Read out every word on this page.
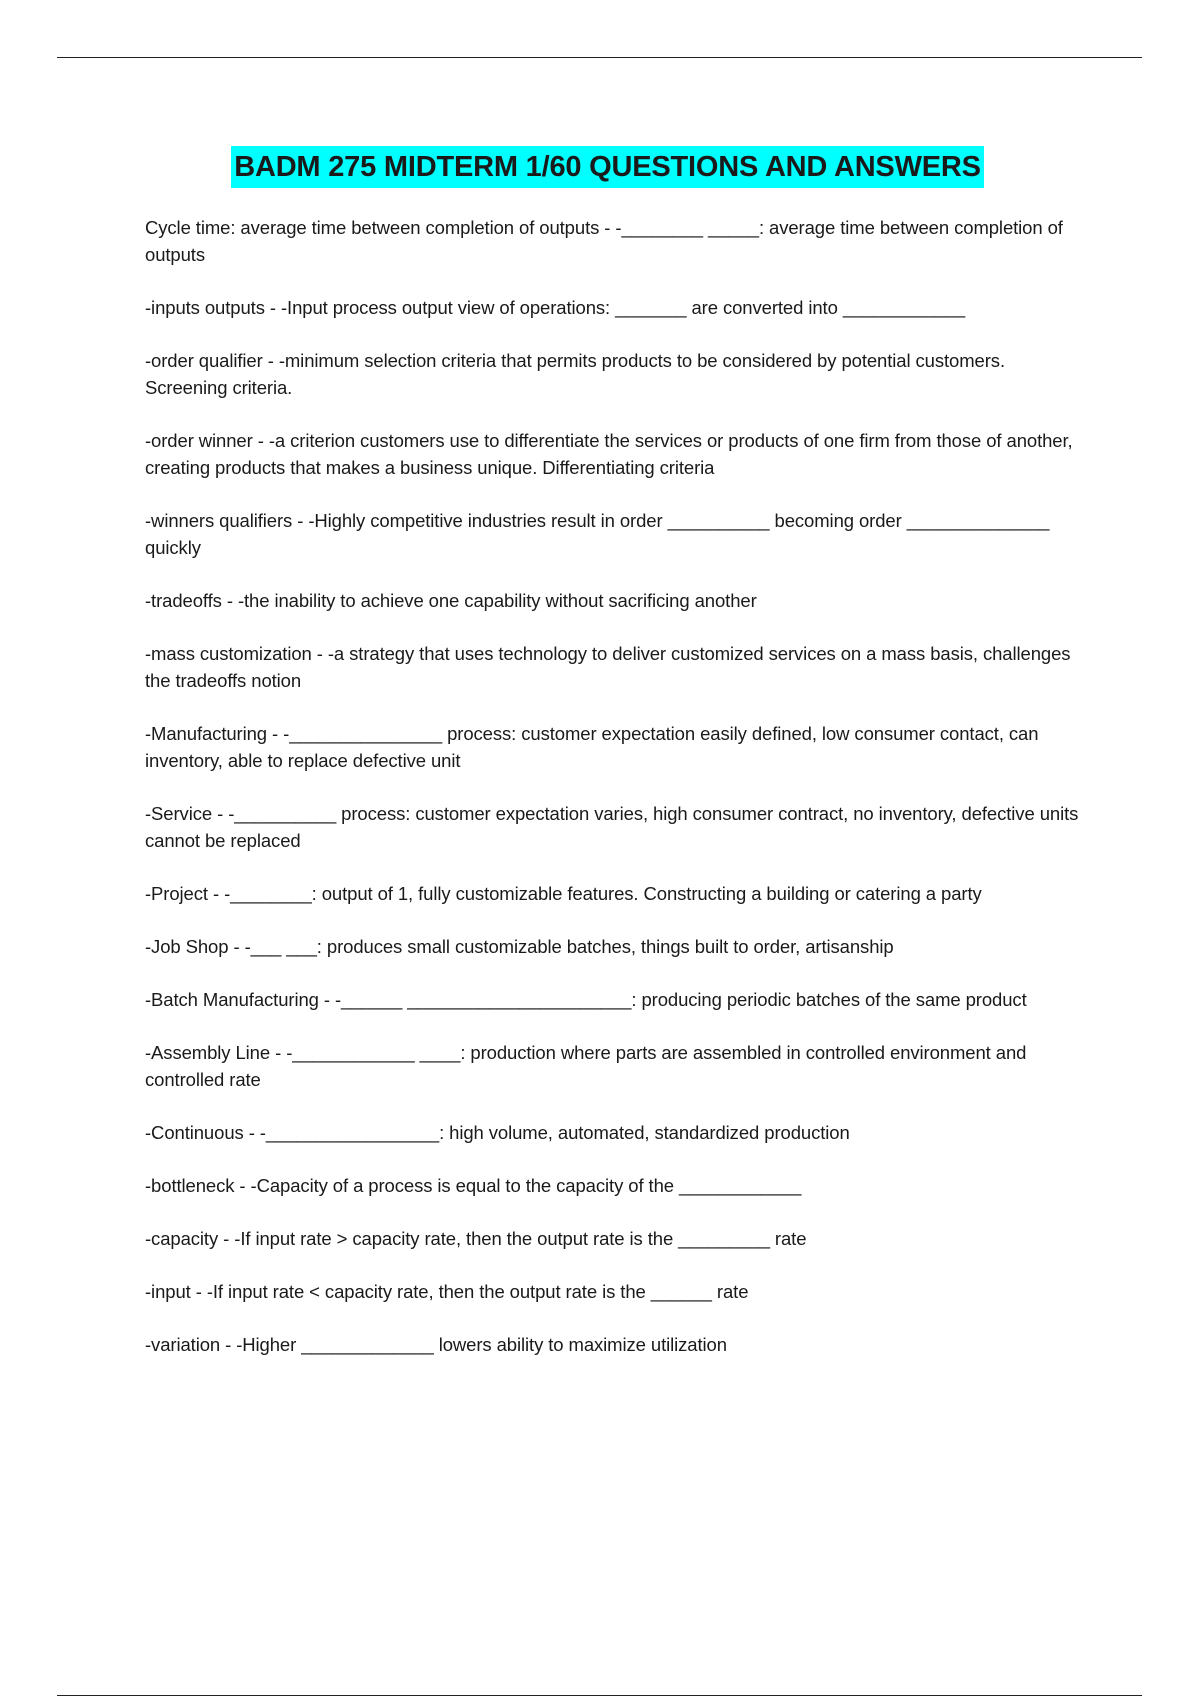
BADM 275 MIDTERM 1/60 QUESTIONS AND ANSWERS

Cycle time: average time between completion of outputs - -________ _____: average time between completion of outputs

-inputs outputs - -Input process output view of operations: _______ are converted into ____________

-order qualifier - -minimum selection criteria that permits products to be considered by potential customers. Screening criteria.

-order winner - -a criterion customers use to differentiate the services or products of one firm from those of another, creating products that makes a business unique. Differentiating criteria

-winners qualifiers - -Highly competitive industries result in order __________ becoming order ______________ quickly

-tradeoffs - -the inability to achieve one capability without sacrificing another

-mass customization - -a strategy that uses technology to deliver customized services on a mass basis, challenges the tradeoffs notion

-Manufacturing - -_______________ process: customer expectation easily defined, low consumer contact, can inventory, able to replace defective unit

-Service - -__________ process: customer expectation varies, high consumer contract, no inventory, defective units cannot be replaced

-Project - -________: output of 1, fully customizable features. Constructing a building or catering a party

-Job Shop - -___ ___: produces small customizable batches, things built to order, artisanship

-Batch Manufacturing - -______ ______________________: producing periodic batches of the same product

-Assembly Line - -____________ ____: production where parts are assembled in controlled environment and controlled rate

-Continuous - -_________________: high volume, automated, standardized production

-bottleneck - -Capacity of a process is equal to the capacity of the ____________

-capacity - -If input rate > capacity rate, then the output rate is the _________ rate

-input - -If input rate < capacity rate, then the output rate is the ______ rate

-variation - -Higher _____________ lowers ability to maximize utilization
